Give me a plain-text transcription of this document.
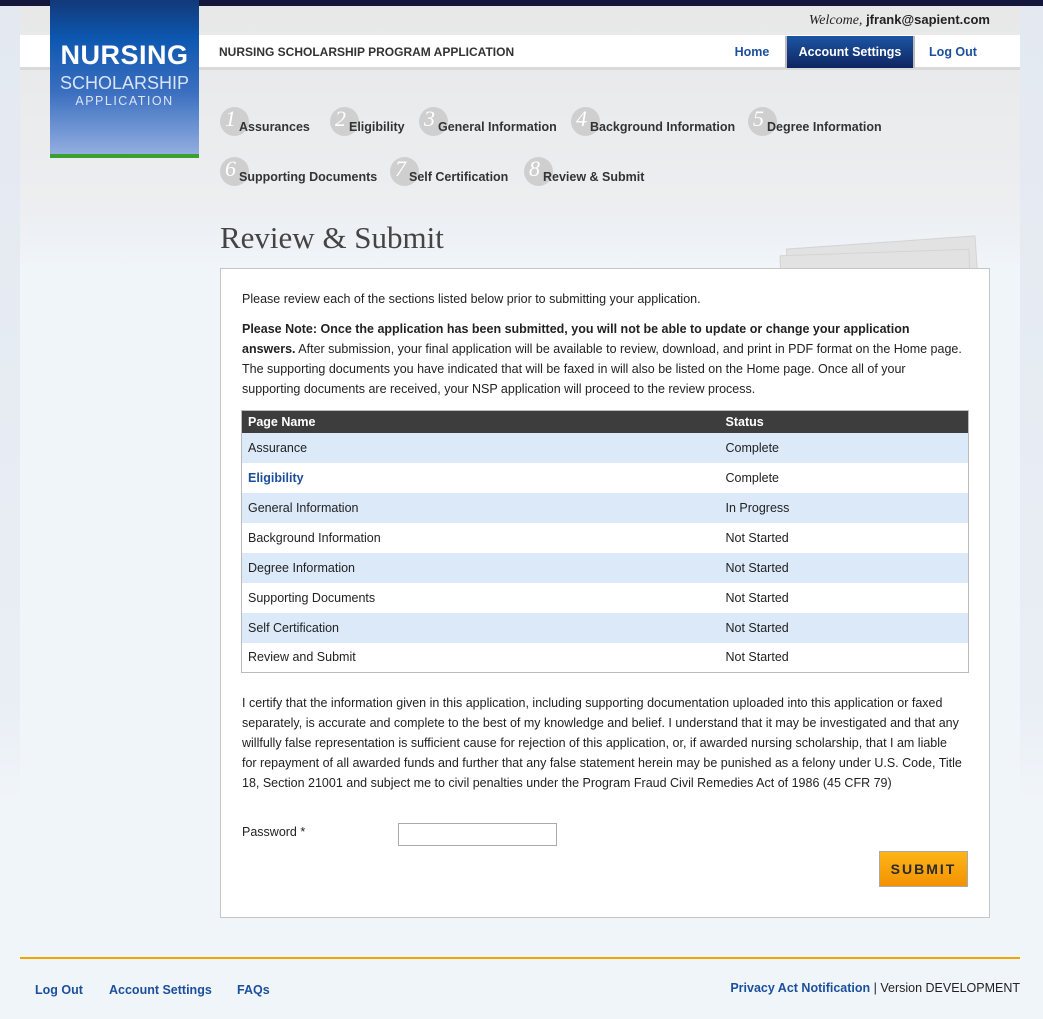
Welcome, jfrank@sapient.com
NURSING SCHOLARSHIP PROGRAM APPLICATION	Home	Account Settings	Log Out
NURSING
SCHOLARSHIP
APPLICATION
1 Assurances 2 Eligibility 3 General Information 4 Background Information 5 Degree Information
6 Supporting Documents 7 Self Certification 8 Review & Submit
Review & Submit
Please review each of the sections listed below prior to submitting your application.
Please Note: Once the application has been submitted, you will not be able to update or change your application answers. After submission, your final application will be available to review, download, and print in PDF format on the Home page. The supporting documents you have indicated that will be faxed in will also be listed on the Home page. Once all of your supporting documents are received, your NSP application will proceed to the review process.
Page Name	Status
Assurance	Complete
Eligibility	Complete
General Information	In Progress
Background Information	Not Started
Degree Information	Not Started
Supporting Documents	Not Started
Self Certification	Not Started
Review and Submit	Not Started
I certify that the information given in this application, including supporting documentation uploaded into this application or faxed separately, is accurate and complete to the best of my knowledge and belief. I understand that it may be investigated and that any willfully false representation is sufficient cause for rejection of this application, or, if awarded nursing scholarship, that I am liable for repayment of all awarded funds and further that any false statement herein may be punished as a felony under U.S. Code, Title 18, Section 21001 and subject me to civil penalties under the Program Fraud Civil Remedies Act of 1986 (45 CFR 79)
Password *
SUBMIT
Log Out Account Settings FAQs	Privacy Act Notification | Version DEVELOPMENT
